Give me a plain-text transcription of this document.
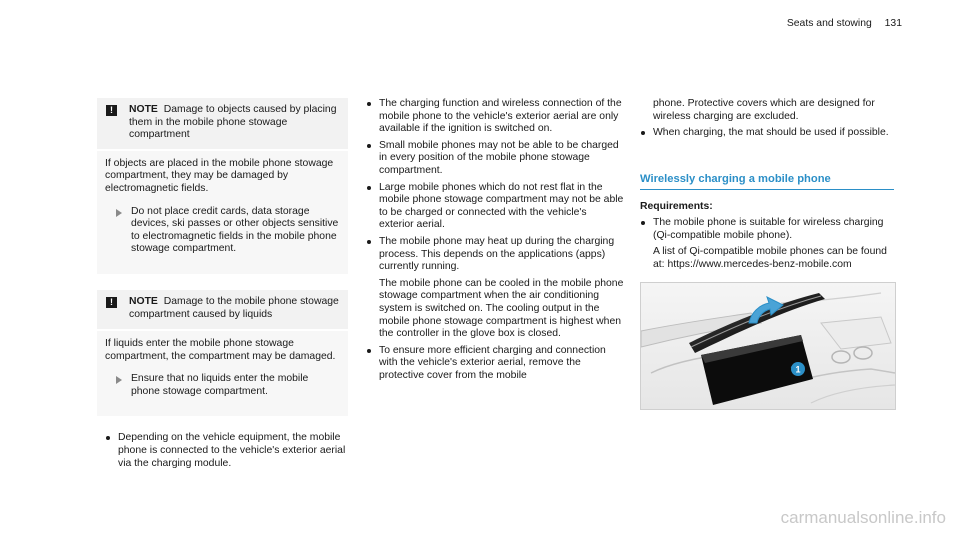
Seats and stowing 131
!	NOTE Damage to objects caused by placing them in the mobile phone stowage compartment

If objects are placed in the mobile phone stowage compartment, they may be damaged by electromagnetic fields.

Do not place credit cards, data storage devices, ski passes or other objects sensitive to electromagnetic fields in the mobile phone stowage compartment.

!	NOTE Damage to the mobile phone stowage compartment caused by liquids

If liquids enter the mobile phone stowage compartment, the compartment may be damaged.

Ensure that no liquids enter the mobile phone stowage compartment.

Depending on the vehicle equipment, the mobile phone is connected to the vehicle's exterior aerial via the charging module.

The charging function and wireless connection of the mobile phone to the vehicle's exterior aerial are only available if the ignition is switched on.

Small mobile phones may not be able to be charged in every position of the mobile phone stowage compartment.

Large mobile phones which do not rest flat in the mobile phone stowage compartment may not be able to be charged or connected with the vehicle's exterior aerial.

The mobile phone may heat up during the charging process. This depends on the applications (apps) currently running.

The mobile phone can be cooled in the mobile phone stowage compartment when the air conditioning system is switched on. The cooling output in the mobile phone stowage compartment is highest when the controller in the glove box is closed.

To ensure more efficient charging and connection with the vehicle's exterior aerial, remove the protective cover from the mobile

phone. Protective covers which are designed for wireless charging are excluded.

When charging, the mat should be used if possible.

Wirelessly charging a mobile phone
Requirements:

The mobile phone is suitable for wireless charging (Qi-compatible mobile phone).

A list of Qi-compatible mobile phones can be found at: https://www.mercedes-benz-mobile.com

1
carmanualsonline.info
